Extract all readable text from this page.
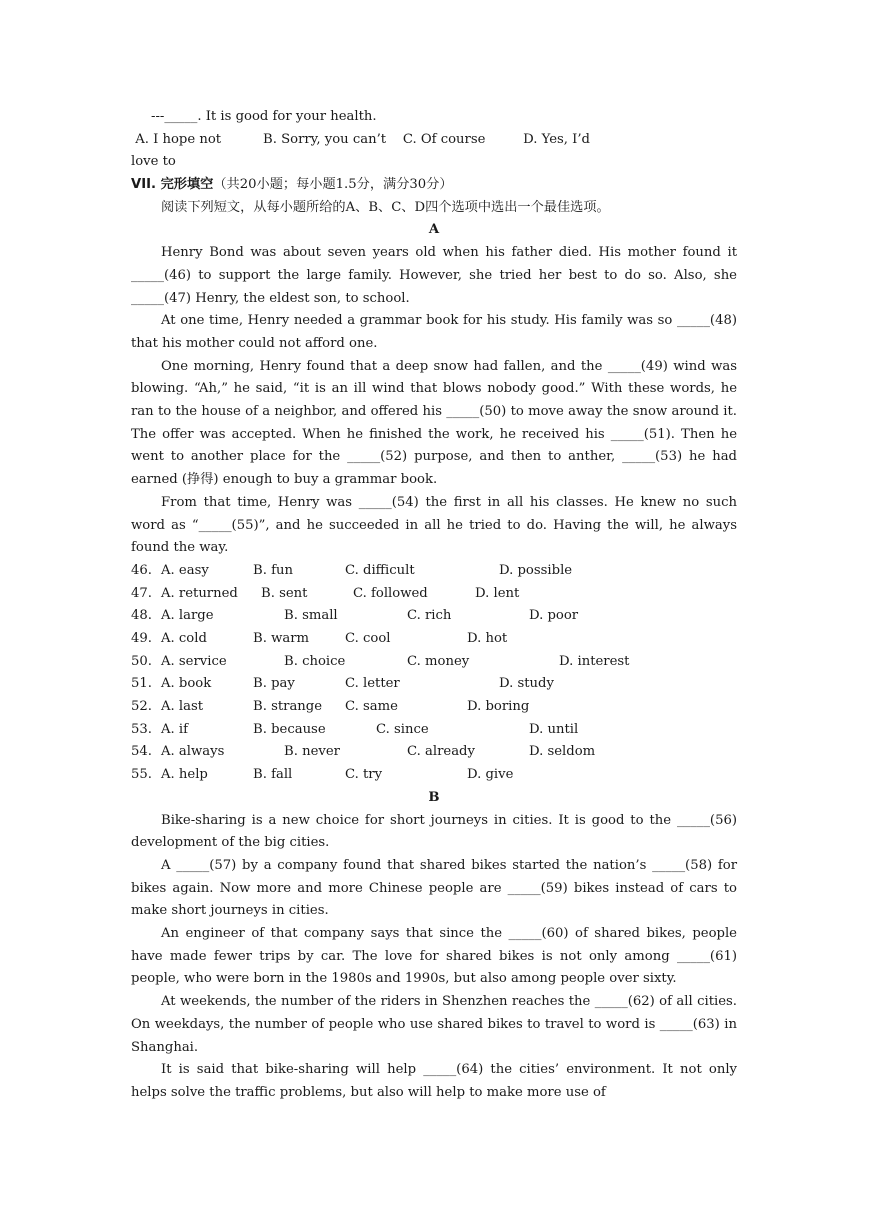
---_____. It is good for your health.
A. I hope not          B. Sorry, you can’t    C. Of course         D. Yes, I’d
love to
VII. 完形填空（共20小题；每小题1.5分，满分30分）
阅读下列短文，从每小题所给的A、B、C、D四个选项中选出一个最佳选项。
A

Henry Bond was about seven years old when his father died. His mother found it _____(46) to support the large family. However, she tried her best to do so. Also, she _____(47) Henry, the eldest son, to school.

At one time, Henry needed a grammar book for his study. His family was so _____(48) that his mother could not afford one.

One morning, Henry found that a deep snow had fallen, and the _____(49) wind was blowing. “Ah,” he said, “it is an ill wind that blows nobody good.” With these words, he ran to the house of a neighbor, and offered his _____(50) to move away the snow around it. The offer was accepted. When he finished the work, he received his _____(51). Then he went to another place for the _____(52) purpose, and then to anther, _____(53) he had earned (挣得) enough to buy a grammar book.

From that time, Henry was _____(54) the first in all his classes. He knew no such word as “_____(55)”, and he succeeded in all he tried to do. Having the will, he always found the way.

46. A. easy	B. fun	C. difficult	D. possible
47. A. returned	B. sent	C. followed	D. lent
48. A. large	B. small	C. rich	D. poor
49. A. cold	B. warm	C. cool	D. hot
50. A. service	B. choice	C. money	D. interest
51. A. book	B. pay	C. letter	D. study
52. A. last	B. strange	C. same	D. boring
53. A. if	B. because	C. since	D. until
54. A. always	B. never	C. already	D. seldom
55. A. help	B. fall	C. try	D. give
B

Bike-sharing is a new choice for short journeys in cities. It is good to the _____(56) development of the big cities.

A _____(57) by a company found that shared bikes started the nation’s _____(58) for bikes again. Now more and more Chinese people are _____(59) bikes instead of cars to make short journeys in cities.

An engineer of that company says that since the _____(60) of shared bikes, people have made fewer trips by car. The love for shared bikes is not only among _____(61) people, who were born in the 1980s and 1990s, but also among people over sixty.

At weekends, the number of the riders in Shenzhen reaches the _____(62) of all cities. On weekdays, the number of people who use shared bikes to travel to word is _____(63) in Shanghai.

It is said that bike-sharing will help _____(64) the cities’ environment. It not only helps solve the traffic problems, but also will help to make more use of
